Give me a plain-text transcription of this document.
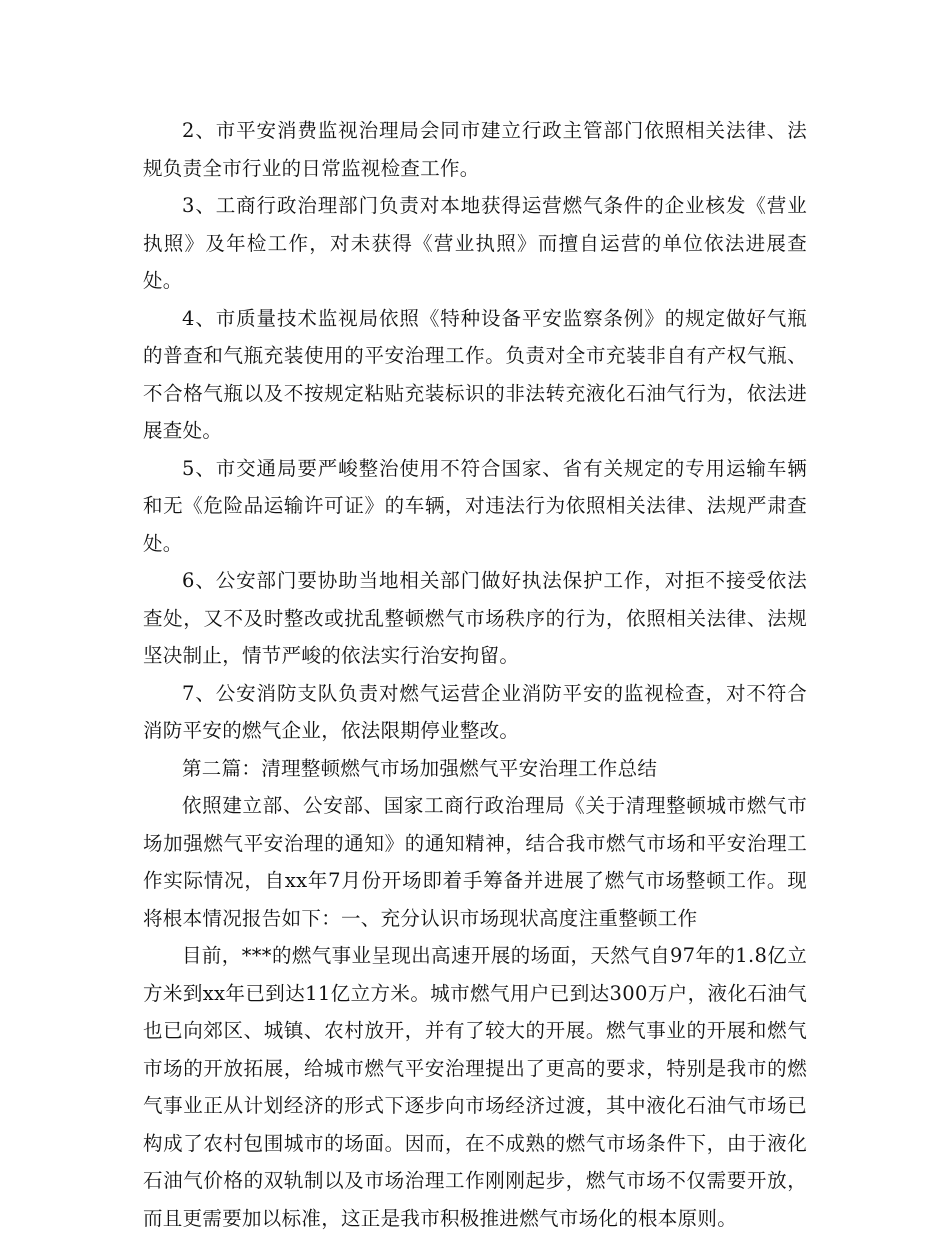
2、市平安消费监视治理局会同市建立行政主管部门依照相关法律、法规负责全市行业的日常监视检查工作。

3、工商行政治理部门负责对本地获得运营燃气条件的企业核发《营业执照》及年检工作，对未获得《营业执照》而擅自运营的单位依法进展查处。

4、市质量技术监视局依照《特种设备平安监察条例》的规定做好气瓶的普查和气瓶充装使用的平安治理工作。负责对全市充装非自有产权气瓶、不合格气瓶以及不按规定粘贴充装标识的非法转充液化石油气行为，依法进展查处。

5、市交通局要严峻整治使用不符合国家、省有关规定的专用运输车辆和无《危险品运输许可证》的车辆，对违法行为依照相关法律、法规严肃查处。

6、公安部门要协助当地相关部门做好执法保护工作，对拒不接受依法查处，又不及时整改或扰乱整顿燃气市场秩序的行为，依照相关法律、法规坚决制止，情节严峻的依法实行治安拘留。

7、公安消防支队负责对燃气运营企业消防平安的监视检查，对不符合消防平安的燃气企业，依法限期停业整改。

第二篇：清理整顿燃气市场加强燃气平安治理工作总结

依照建立部、公安部、国家工商行政治理局《关于清理整顿城市燃气市场加强燃气平安治理的通知》的通知精神，结合我市燃气市场和平安治理工作实际情况，自xx年7月份开场即着手筹备并进展了燃气市场整顿工作。现将根本情况报告如下：一、充分认识市场现状高度注重整顿工作

目前，***的燃气事业呈现出高速开展的场面，天然气自97年的1.8亿立方米到xx年已到达11亿立方米。城市燃气用户已到达300万户，液化石油气也已向郊区、城镇、农村放开，并有了较大的开展。燃气事业的开展和燃气市场的开放拓展，给城市燃气平安治理提出了更高的要求，特别是我市的燃气事业正从计划经济的形式下逐步向市场经济过渡，其中液化石油气市场已构成了农村包围城市的场面。因而，在不成熟的燃气市场条件下，由于液化石油气价格的双轨制以及市场治理工作刚刚起步，燃气市场不仅需要开放，而且更需要加以标准，这正是我市积极推进燃气市场化的根本原则。
